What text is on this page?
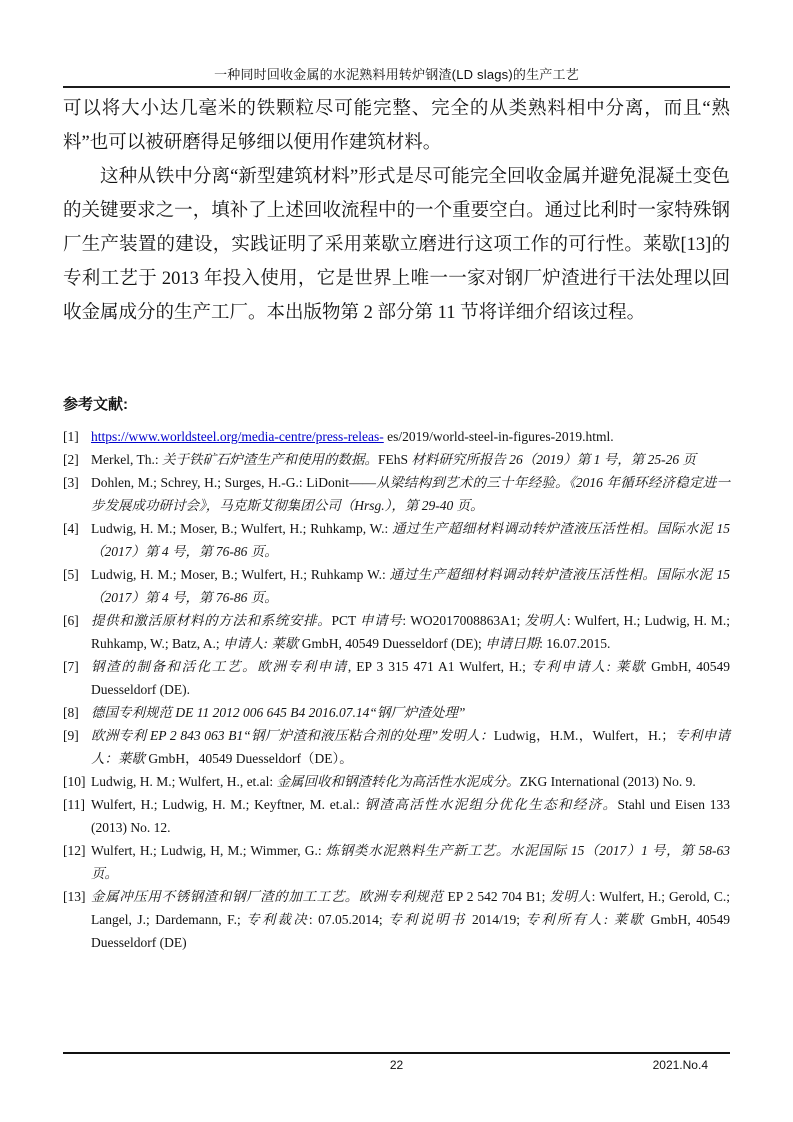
一种同时回收金属的水泥熟料用转炉钢渣(LD slags)的生产工艺

可以将大小达几毫米的铁颗粒尽可能完整、完全的从类熟料相中分离，而且“熟料”也可以被研磨得足够细以便用作建筑材料。

这种从铁中分离“新型建筑材料”形式是尽可能完全回收金属并避免混凝土变色的关键要求之一，填补了上述回收流程中的一个重要空白。通过比利时一家特殊钢厂生产装置的建设，实践证明了采用莱歇立磨进行这项工作的可行性。莱歇[13]的专利工艺于 2013 年投入使用，它是世界上唯一一家对钢厂炉渣进行干法处理以回收金属成分的生产工厂。本出版物第 2 部分第 11 节将详细介绍该过程。

参考文献:
[1] https://www.worldsteel.org/media-centre/press-releas- es/2019/world-steel-in-figures-2019.html.
[2] Merkel, Th.: 关于铁矿石炉渣生产和使用的数据。FEhS 材料研究所报告 26（2019）第 1 号，第 25-26 页
[3] Dohlen, M.; Schrey, H.; Surges, H.-G.: LiDonit——从梁结构到艺术的三十年经验。《2016 年循环经济稳定进一步发展成功研讨会》，马克斯艾彻集团公司（Hrsg.），第 29-40 页。
[4] Ludwig, H. M.; Moser, B.; Wulfert, H.; Ruhkamp, W.: 通过生产超细材料调动转炉渣液压活性相。国际水泥 15（2017）第 4 号，第 76-86 页。
[5] Ludwig, H. M.; Moser, B.; Wulfert, H.; Ruhkamp W.: 通过生产超细材料调动转炉渣液压活性相。国际水泥 15（2017）第 4 号，第 76-86 页。
[6] 提供和激活原材料的方法和系统安排。PCT 申请号: WO2017008863A1; 发明人: Wulfert, H.; Ludwig, H. M.; Ruhkamp, W.; Batz, A.; 申请人: 莱歇 GmbH, 40549 Duesseldorf (DE); 申请日期: 16.07.2015.
[7] 钢渣的制备和活化工艺。欧洲专利申请, EP 3 315 471 A1 Wulfert, H.; 专利申请人: 莱歇 GmbH, 40549 Duesseldorf (DE).
[8] 德国专利规范 DE 11 2012 006 645 B4 2016.07.14“钢厂炉渣处理”
[9] 欧洲专利 EP 2 843 063 B1“钢厂炉渣和液压粘合剂的处理”发明人：Ludwig，H.M.，Wulfert，H.；专利申请人：莱歇 GmbH，40549 Duesseldorf（DE）。
[10] Ludwig, H. M.; Wulfert, H., et.al: 金属回收和钢渣转化为高活性水泥成分。ZKG International (2013) No. 9.
[11] Wulfert, H.; Ludwig, H. M.; Keyftner, M. et.al.: 钢渣高活性水泥组分优化生态和经济。Stahl und Eisen 133 (2013) No. 12.
[12] Wulfert, H.; Ludwig, H, M.; Wimmer, G.: 炼钢类水泥熟料生产新工艺。水泥国际 15（2017）1 号，第 58-63 页。
[13] 金属冲压用不锈钢渣和钢厂渣的加工工艺。欧洲专利规范 EP 2 542 704 B1; 发明人: Wulfert, H.; Gerold, C.; Langel, J.; Dardemann, F.; 专利裁决: 07.05.2014; 专利说明书 2014/19; 专利所有人: 莱歇 GmbH, 40549 Duesseldorf (DE)
22	2021.No.4
